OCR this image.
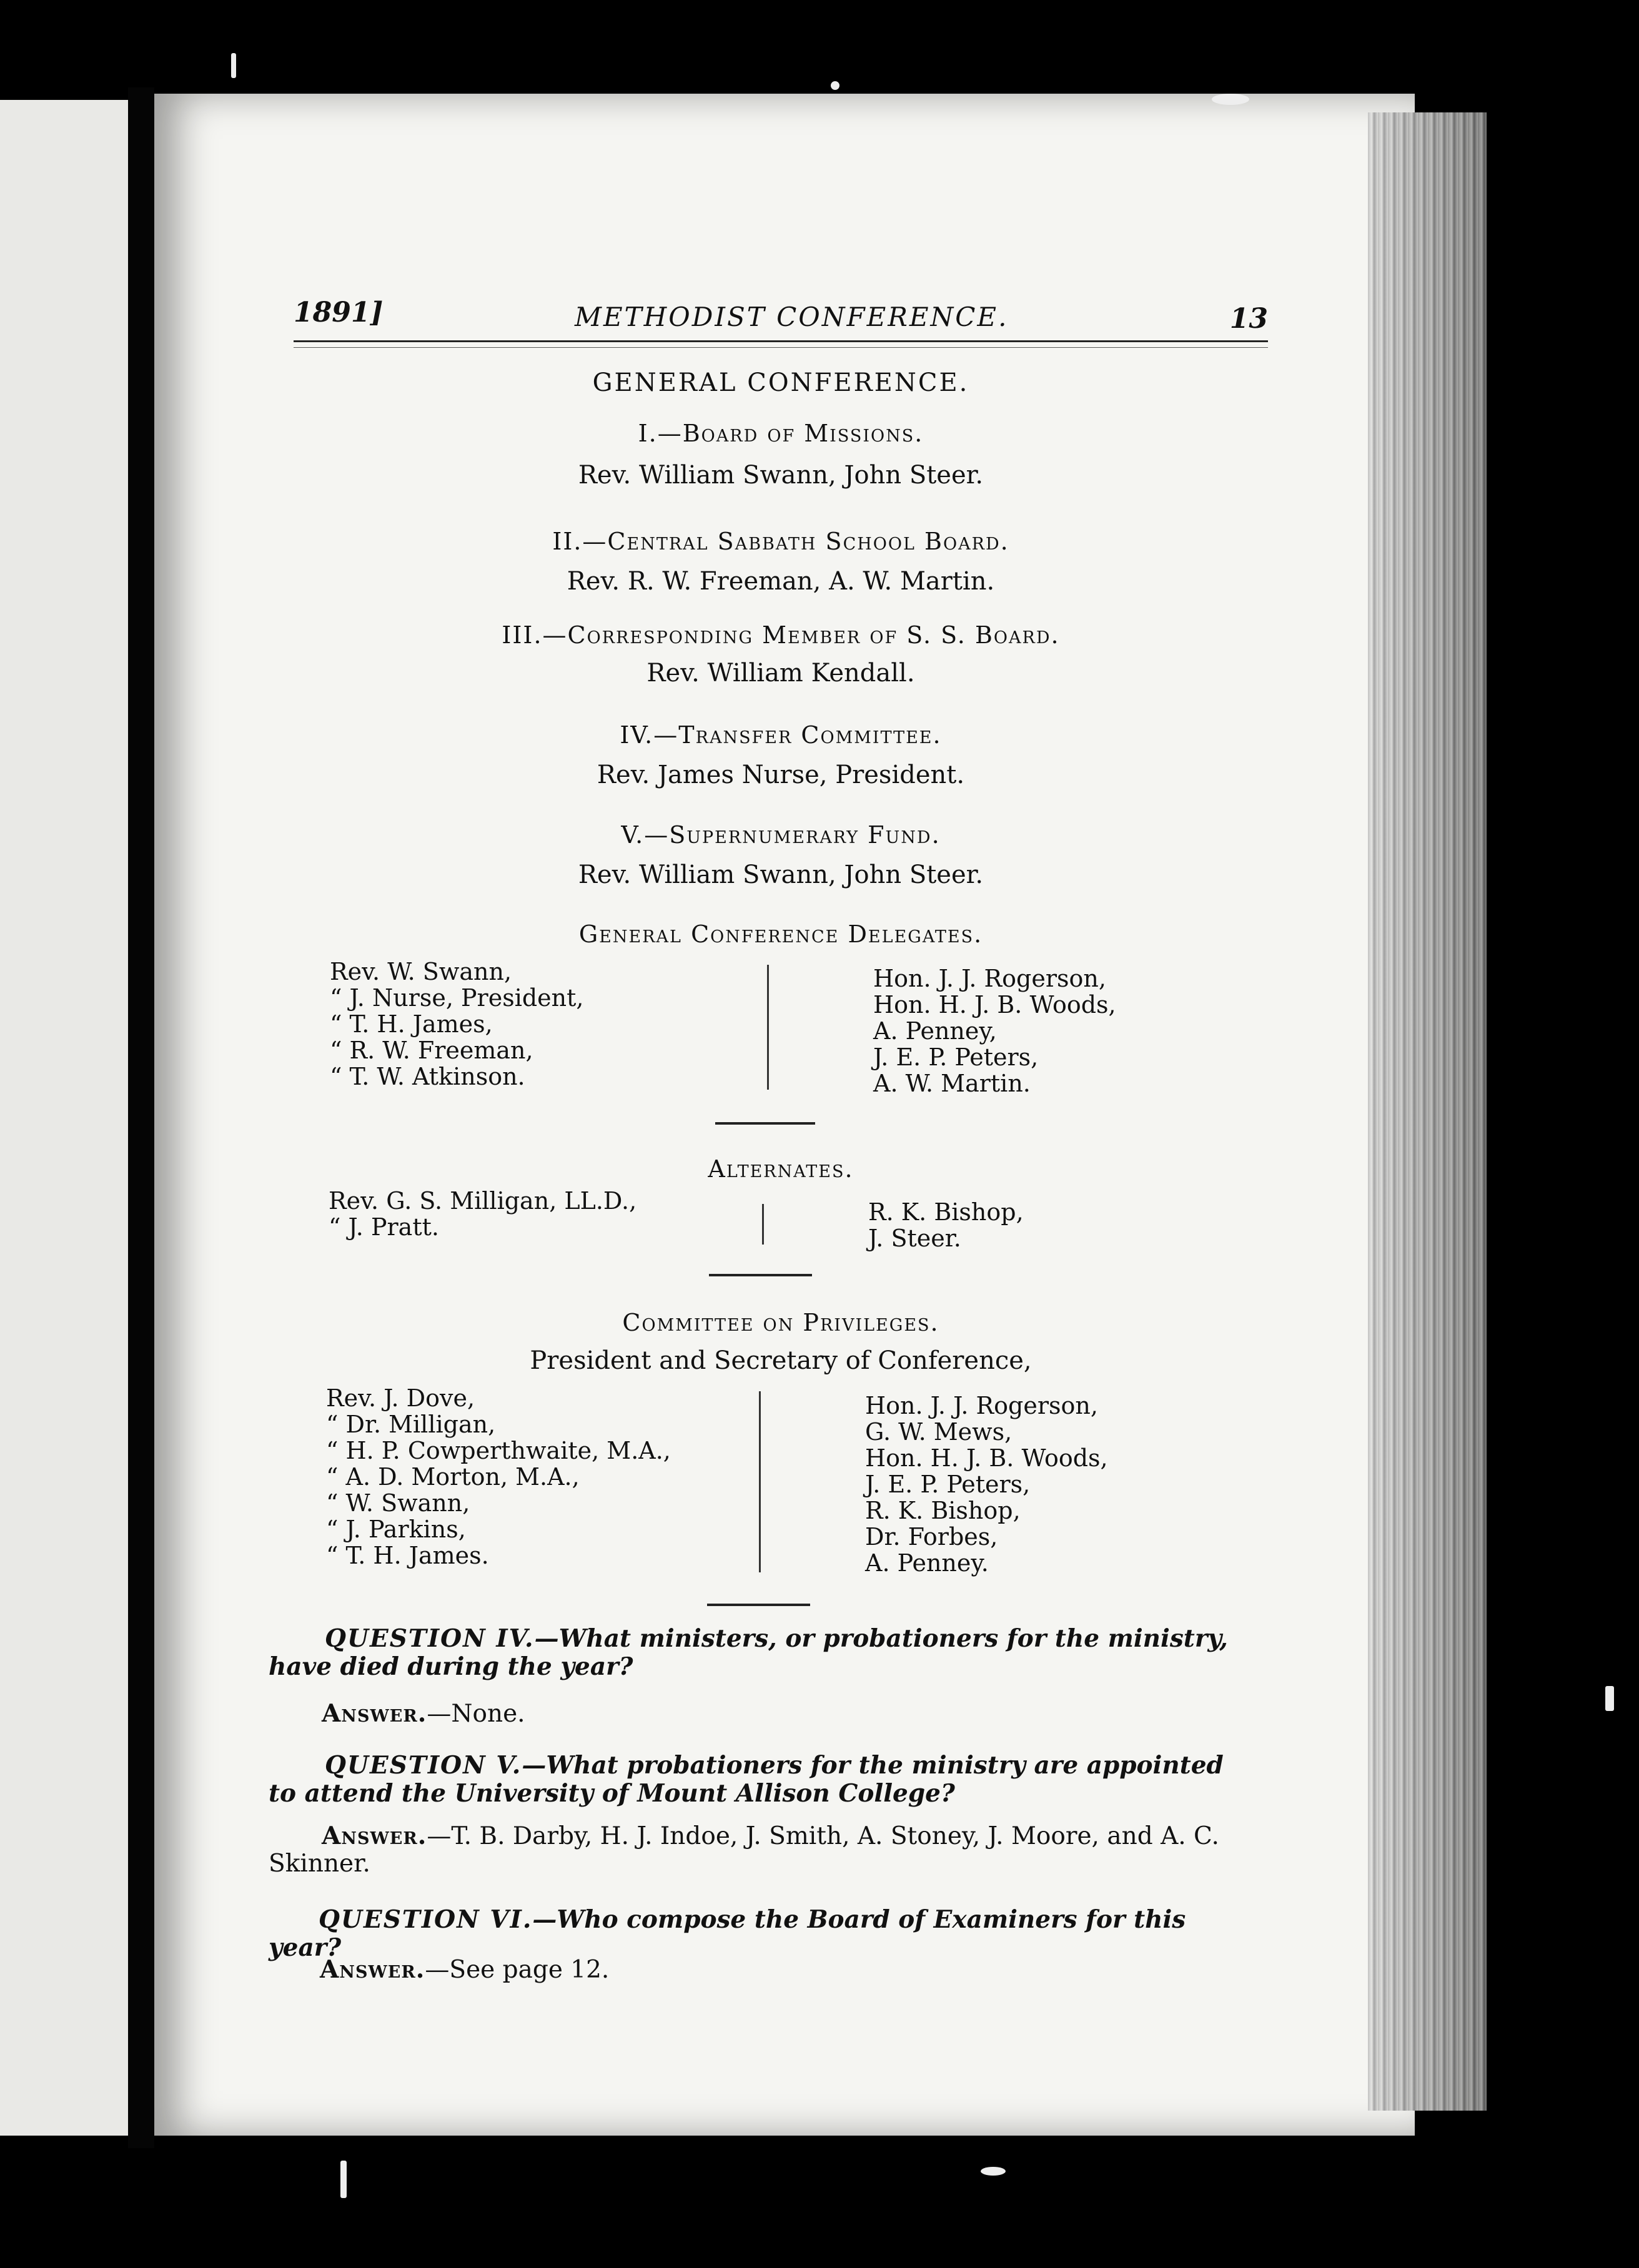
1891]	METHODIST CONFERENCE.	13
GENERAL CONFERENCE.
I.—Board of Missions.
Rev. William Swann, John Steer.
II.—Central Sabbath School Board.
Rev. R. W. Freeman, A. W. Martin.
III.—Corresponding Member of S. S. Board.
Rev. William Kendall.
IV.—Transfer Committee.
Rev. James Nurse, President.
V.—Supernumerary Fund.
Rev. William Swann, John Steer.
General Conference Delegates.
Rev. W. Swann,
“ J. Nurse, President,
“ T. H. James,
“ R. W. Freeman,
“ T. W. Atkinson.
Hon. J. J. Rogerson,
Hon. H. J. B. Woods,
A. Penney,
J. E. P. Peters,
A. W. Martin.
Alternates.
Rev. G. S. Milligan, LL.D.,
“ J. Pratt.
R. K. Bishop,
J. Steer.
Committee on Privileges.
President and Secretary of Conference,
Rev. J. Dove,
“ Dr. Milligan,
“ H. P. Cowperthwaite, M.A.,
“ A. D. Morton, M.A.,
“ W. Swann,
“ J. Parkins,
“ T. H. James.
Hon. J. J. Rogerson,
G. W. Mews,
Hon. H. J. B. Woods,
J. E. P. Peters,
R. K. Bishop,
Dr. Forbes,
A. Penney.
QUESTION IV.—What ministers, or probationers for the ministry, have died during the year?
Answer.—None.
QUESTION V.—What probationers for the ministry are appointed to attend the University of Mount Allison College?
Answer.—T. B. Darby, H. J. Indoe, J. Smith, A. Stoney, J. Moore, and A. C. Skinner.
QUESTION VI.—Who compose the Board of Examiners for this year?
Answer.—See page 12.
